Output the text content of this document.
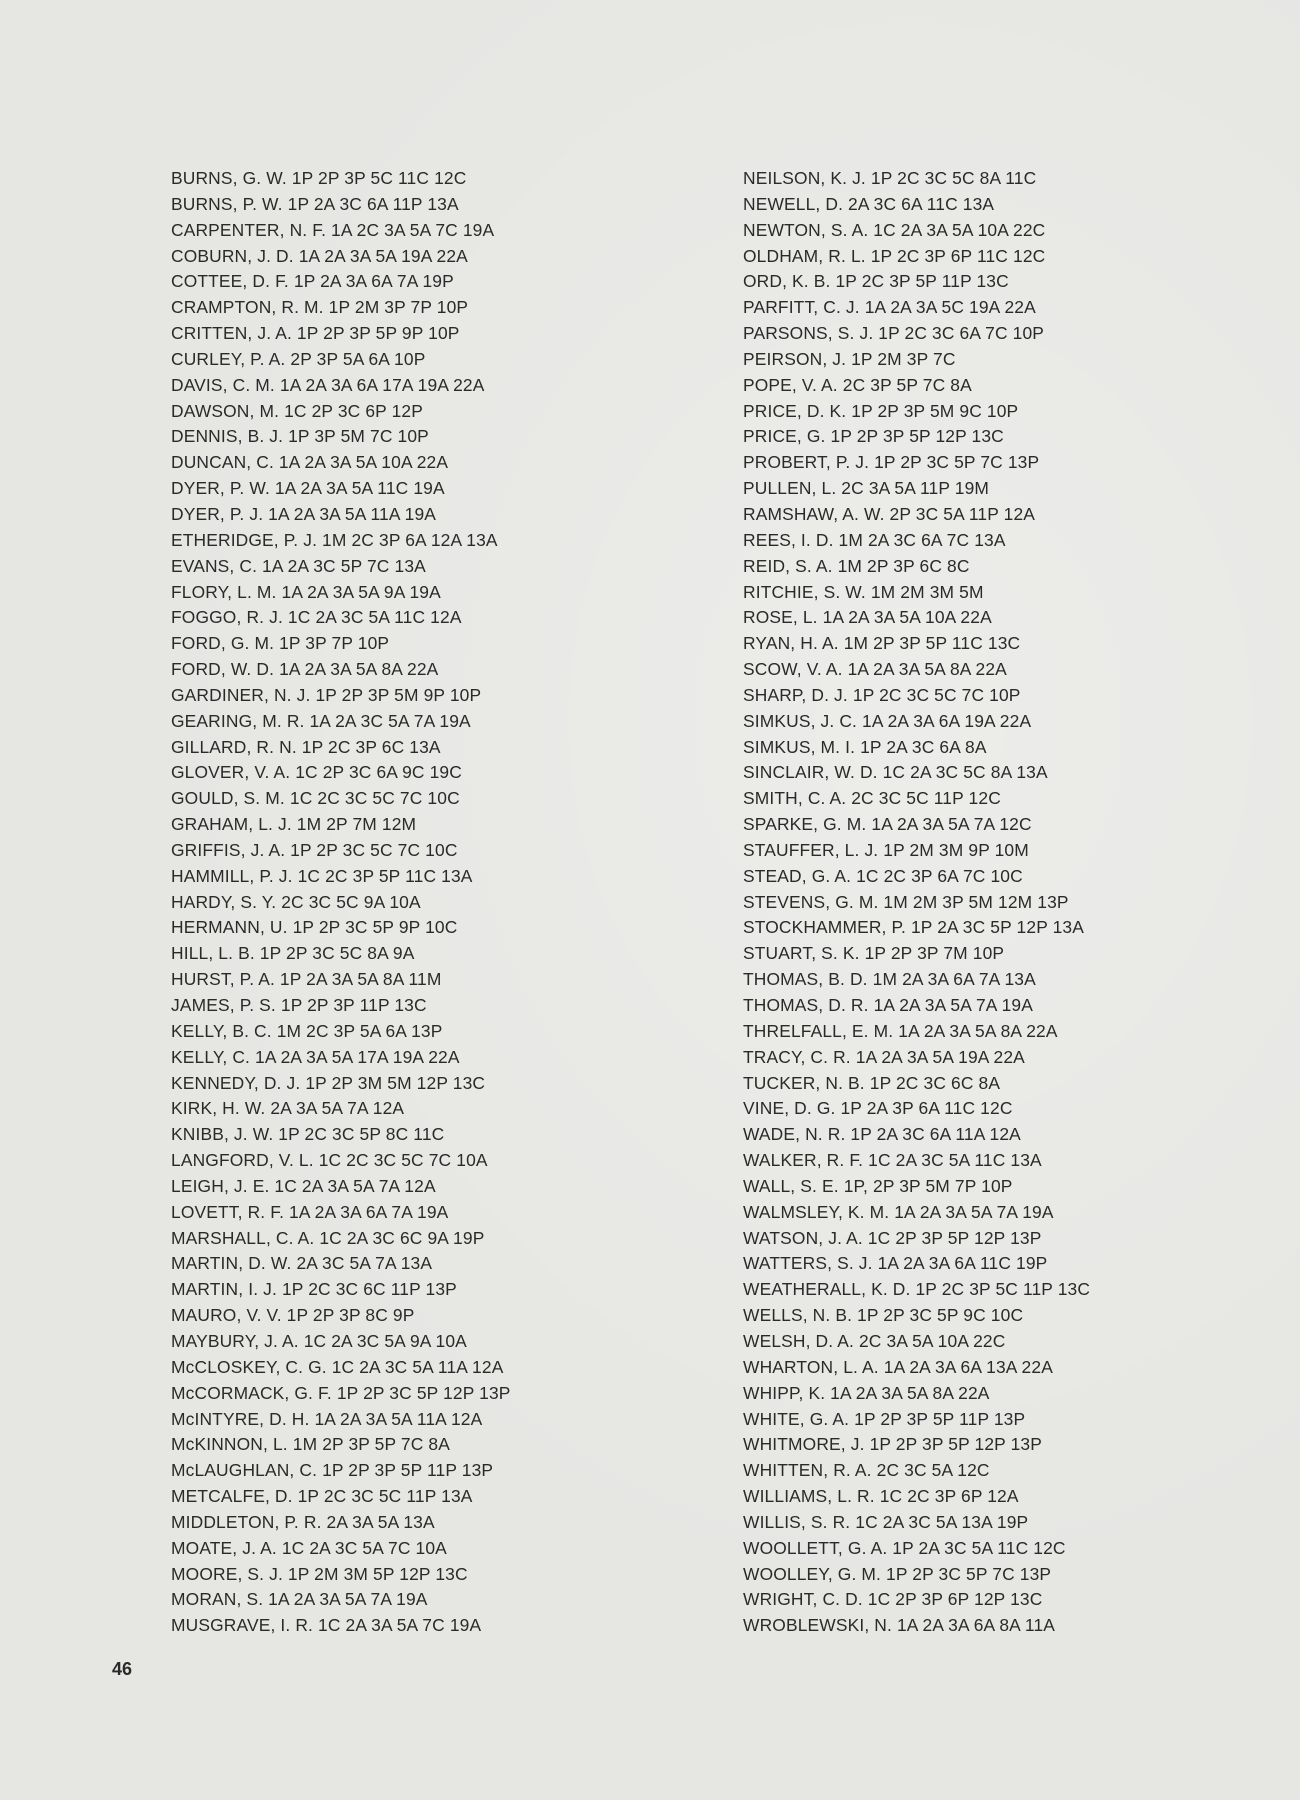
BURNS, G. W. 1P 2P 3P 5C 11C 12C
BURNS, P. W. 1P 2A 3C 6A 11P 13A
CARPENTER, N. F. 1A 2C 3A 5A 7C 19A
COBURN, J. D. 1A 2A 3A 5A 19A 22A
COTTEE, D. F. 1P 2A 3A 6A 7A 19P
CRAMPTON, R. M. 1P 2M 3P 7P 10P
CRITTEN, J. A. 1P 2P 3P 5P 9P 10P
CURLEY, P. A. 2P 3P 5A 6A 10P
DAVIS, C. M. 1A 2A 3A 6A 17A 19A 22A
DAWSON, M. 1C 2P 3C 6P 12P
DENNIS, B. J. 1P 3P 5M 7C 10P
DUNCAN, C. 1A 2A 3A 5A 10A 22A
DYER, P. W. 1A 2A 3A 5A 11C 19A
DYER, P. J. 1A 2A 3A 5A 11A 19A
ETHERIDGE, P. J. 1M 2C 3P 6A 12A 13A
EVANS, C. 1A 2A 3C 5P 7C 13A
FLORY, L. M. 1A 2A 3A 5A 9A 19A
FOGGO, R. J. 1C 2A 3C 5A 11C 12A
FORD, G. M. 1P 3P 7P 10P
FORD, W. D. 1A 2A 3A 5A 8A 22A
GARDINER, N. J. 1P 2P 3P 5M 9P 10P
GEARING, M. R. 1A 2A 3C 5A 7A 19A
GILLARD, R. N. 1P 2C 3P 6C 13A
GLOVER, V. A. 1C 2P 3C 6A 9C 19C
GOULD, S. M. 1C 2C 3C 5C 7C 10C
GRAHAM, L. J. 1M 2P 7M 12M
GRIFFIS, J. A. 1P 2P 3C 5C 7C 10C
HAMMILL, P. J. 1C 2C 3P 5P 11C 13A
HARDY, S. Y. 2C 3C 5C 9A 10A
HERMANN, U. 1P 2P 3C 5P 9P 10C
HILL, L. B. 1P 2P 3C 5C 8A 9A
HURST, P. A. 1P 2A 3A 5A 8A 11M
JAMES, P. S. 1P 2P 3P 11P 13C
KELLY, B. C. 1M 2C 3P 5A 6A 13P
KELLY, C. 1A 2A 3A 5A 17A 19A 22A
KENNEDY, D. J. 1P 2P 3M 5M 12P 13C
KIRK, H. W. 2A 3A 5A 7A 12A
KNIBB, J. W. 1P 2C 3C 5P 8C 11C
LANGFORD, V. L. 1C 2C 3C 5C 7C 10A
LEIGH, J. E. 1C 2A 3A 5A 7A 12A
LOVETT, R. F. 1A 2A 3A 6A 7A 19A
MARSHALL, C. A. 1C 2A 3C 6C 9A 19P
MARTIN, D. W. 2A 3C 5A 7A 13A
MARTIN, I. J. 1P 2C 3C 6C 11P 13P
MAURO, V. V. 1P 2P 3P 8C 9P
MAYBURY, J. A. 1C 2A 3C 5A 9A 10A
McCLOSKEY, C. G. 1C 2A 3C 5A 11A 12A
McCORMACK, G. F. 1P 2P 3C 5P 12P 13P
McINTYRE, D. H. 1A 2A 3A 5A 11A 12A
McKINNON, L. 1M 2P 3P 5P 7C 8A
McLAUGHLAN, C. 1P 2P 3P 5P 11P 13P
METCALFE, D. 1P 2C 3C 5C 11P 13A
MIDDLETON, P. R. 2A 3A 5A 13A
MOATE, J. A. 1C 2A 3C 5A 7C 10A
MOORE, S. J. 1P 2M 3M 5P 12P 13C
MORAN, S. 1A 2A 3A 5A 7A 19A
MUSGRAVE, I. R. 1C 2A 3A 5A 7C 19A
NEILSON, K. J. 1P 2C 3C 5C 8A 11C
NEWELL, D. 2A 3C 6A 11C 13A
NEWTON, S. A. 1C 2A 3A 5A 10A 22C
OLDHAM, R. L. 1P 2C 3P 6P 11C 12C
ORD, K. B. 1P 2C 3P 5P 11P 13C
PARFITT, C. J. 1A 2A 3A 5C 19A 22A
PARSONS, S. J. 1P 2C 3C 6A 7C 10P
PEIRSON, J. 1P 2M 3P 7C
POPE, V. A. 2C 3P 5P 7C 8A
PRICE, D. K. 1P 2P 3P 5M 9C 10P
PRICE, G. 1P 2P 3P 5P 12P 13C
PROBERT, P. J. 1P 2P 3C 5P 7C 13P
PULLEN, L. 2C 3A 5A 11P 19M
RAMSHAW, A. W. 2P 3C 5A 11P 12A
REES, I. D. 1M 2A 3C 6A 7C 13A
REID, S. A. 1M 2P 3P 6C 8C
RITCHIE, S. W. 1M 2M 3M 5M
ROSE, L. 1A 2A 3A 5A 10A 22A
RYAN, H. A. 1M 2P 3P 5P 11C 13C
SCOW, V. A. 1A 2A 3A 5A 8A 22A
SHARP, D. J. 1P 2C 3C 5C 7C 10P
SIMKUS, J. C. 1A 2A 3A 6A 19A 22A
SIMKUS, M. I. 1P 2A 3C 6A 8A
SINCLAIR, W. D. 1C 2A 3C 5C 8A 13A
SMITH, C. A. 2C 3C 5C 11P 12C
SPARKE, G. M. 1A 2A 3A 5A 7A 12C
STAUFFER, L. J. 1P 2M 3M 9P 10M
STEAD, G. A. 1C 2C 3P 6A 7C 10C
STEVENS, G. M. 1M 2M 3P 5M 12M 13P
STOCKHAMMER, P. 1P 2A 3C 5P 12P 13A
STUART, S. K. 1P 2P 3P 7M 10P
THOMAS, B. D. 1M 2A 3A 6A 7A 13A
THOMAS, D. R. 1A 2A 3A 5A 7A 19A
THRELFALL, E. M. 1A 2A 3A 5A 8A 22A
TRACY, C. R. 1A 2A 3A 5A 19A 22A
TUCKER, N. B. 1P 2C 3C 6C 8A
VINE, D. G. 1P 2A 3P 6A 11C 12C
WADE, N. R. 1P 2A 3C 6A 11A 12A
WALKER, R. F. 1C 2A 3C 5A 11C 13A
WALL, S. E. 1P, 2P 3P 5M 7P 10P
WALMSLEY, K. M. 1A 2A 3A 5A 7A 19A
WATSON, J. A. 1C 2P 3P 5P 12P 13P
WATTERS, S. J. 1A 2A 3A 6A 11C 19P
WEATHERALL, K. D. 1P 2C 3P 5C 11P 13C
WELLS, N. B. 1P 2P 3C 5P 9C 10C
WELSH, D. A. 2C 3A 5A 10A 22C
WHARTON, L. A. 1A 2A 3A 6A 13A 22A
WHIPP, K. 1A 2A 3A 5A 8A 22A
WHITE, G. A. 1P 2P 3P 5P 11P 13P
WHITMORE, J. 1P 2P 3P 5P 12P 13P
WHITTEN, R. A. 2C 3C 5A 12C
WILLIAMS, L. R. 1C 2C 3P 6P 12A
WILLIS, S. R. 1C 2A 3C 5A 13A 19P
WOOLLETT, G. A. 1P 2A 3C 5A 11C 12C
WOOLLEY, G. M. 1P 2P 3C 5P 7C 13P
WRIGHT, C. D. 1C 2P 3P 6P 12P 13C
WROBLEWSKI, N. 1A 2A 3A 6A 8A 11A
46
